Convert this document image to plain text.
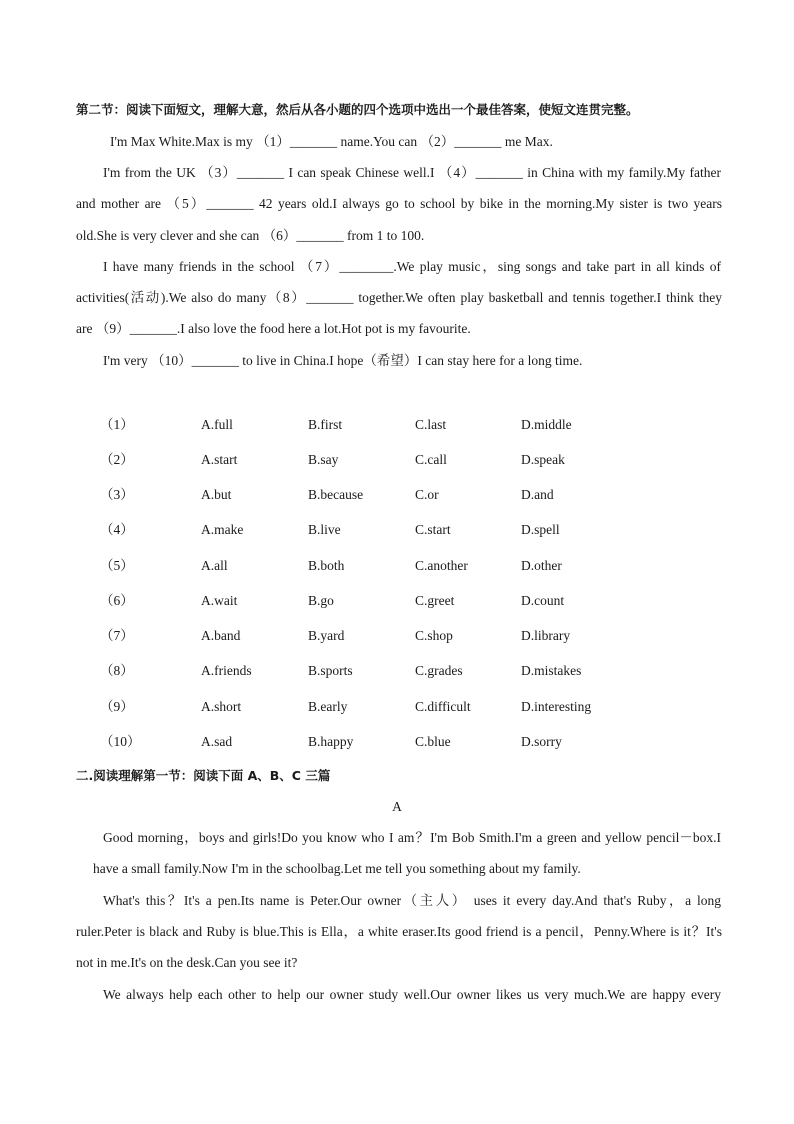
第二节：阅读下面短文，理解大意，然后从各小题的四个选项中选出一个最佳答案，使短文连贯完整。
I'm Max White.Max is my （1）_______ name.You can （2）_______ me Max.
I'm from the UK （3）_______ I can speak Chinese well.I （4）_______ in China with my family.My father
and mother are （5）_______ 42 years old.I always go to school by bike in the morning.My sister is two years
old.She is very clever and she can （6）_______ from 1 to 100.
I have many friends in the school （7）________.We play music，sing songs and take part in all kinds of
activities(活动).We also do many（8）_______ together.We often play basketball and tennis together.I think they
are （9）_______.I also love the food here a lot.Hot pot is my favourite.
I'm very （10）_______ to live in China.I hope（希望）I can stay here for a long time.
（1）	A.full	B.first	C.last	D.middle
（2）	A.start	B.say	C.call	D.speak
（3）	A.but	B.because	C.or	D.and
（4）	A.make	B.live	C.start	D.spell
（5）	A.all	B.both	C.another	D.other
（6）	A.wait	B.go	C.greet	D.count
（7）	A.band	B.yard	C.shop	D.library
（8）	A.friends	B.sports	C.grades	D.mistakes
（9）	A.short	B.early	C.difficult	D.interesting
（10）	A.sad	B.happy	C.blue	D.sorry
二.阅读理解第一节：阅读下面 A、B、C 三篇
A
Good morning，boys and girls!Do you know who I am？I'm Bob Smith.I'm a green and yellow pencil－box.I
have a small family.Now I'm in the schoolbag.Let me tell you something about my family.
What's this？It's a pen.Its name is Peter.Our owner（主人） uses it every day.And that's Ruby，a long
ruler.Peter is black and Ruby is blue.This is Ella，a white eraser.Its good friend is a pencil，Penny.Where is it？It's
not in me.It's on the desk.Can you see it?
We always help each other to help our owner study well.Our owner likes us very much.We are happy every
